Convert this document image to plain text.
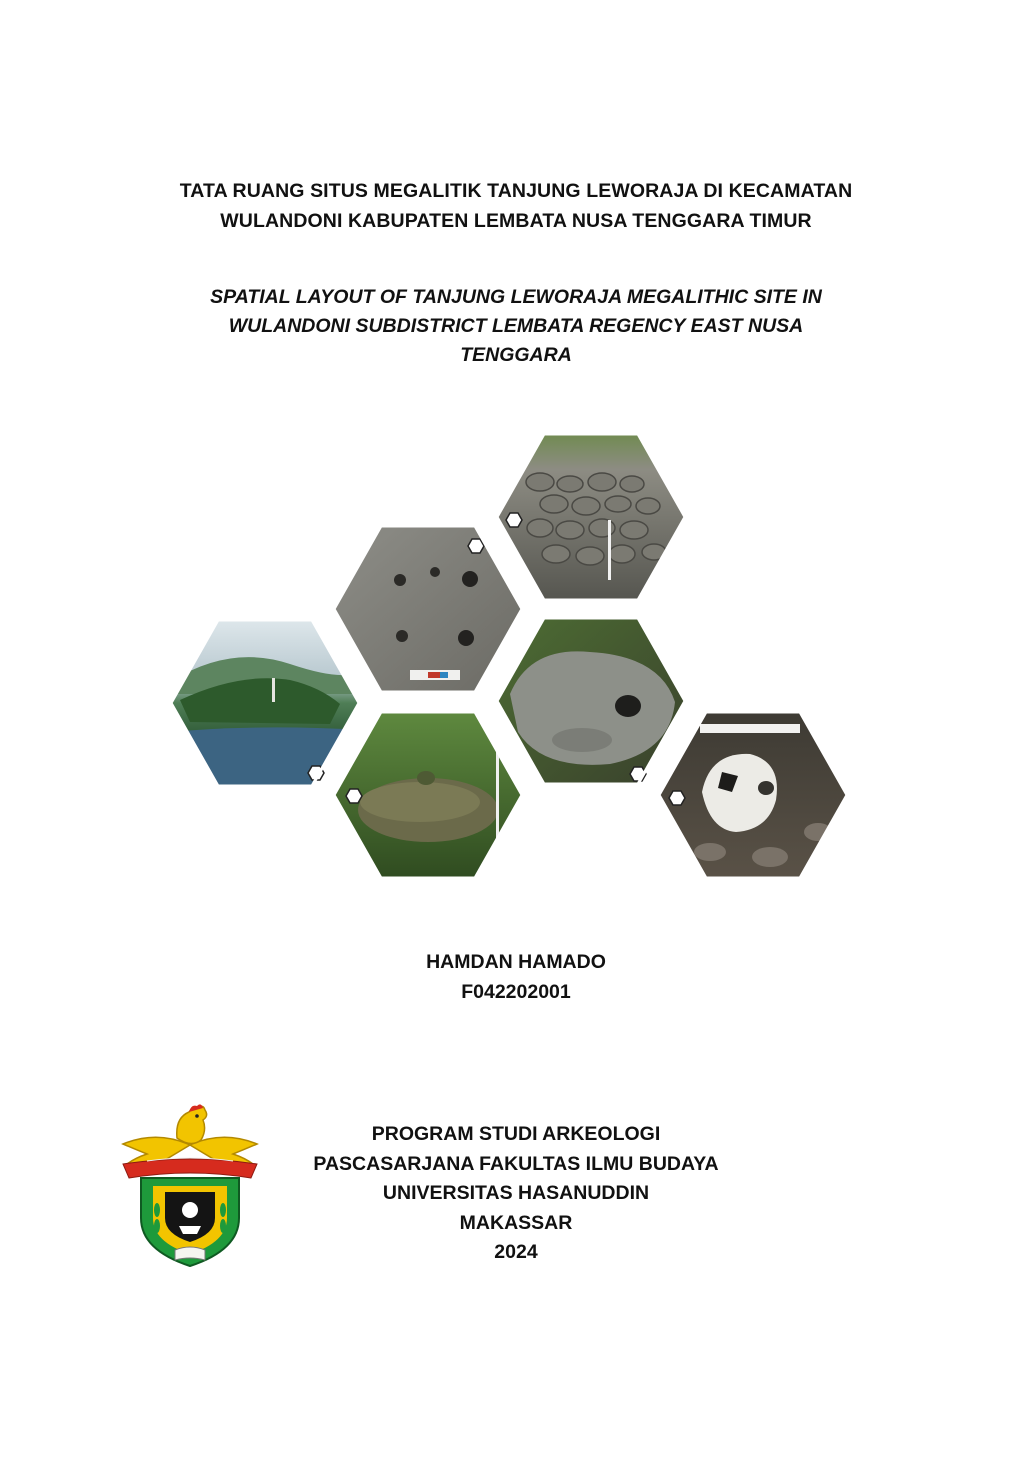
TATA RUANG SITUS MEGALITIK TANJUNG LEWORAJA DI KECAMATAN
WULANDONI KABUPATEN LEMBATA NUSA TENGGARA TIMUR
SPATIAL LAYOUT OF TANJUNG LEWORAJA MEGALITHIC SITE IN
WULANDONI SUBDISTRICT LEMBATA REGENCY EAST NUSA
TENGGARA
HAMDAN HAMADO
F042202001
PROGRAM STUDI ARKEOLOGI
PASCASARJANA FAKULTAS ILMU BUDAYA
UNIVERSITAS HASANUDDIN
MAKASSAR
2024
